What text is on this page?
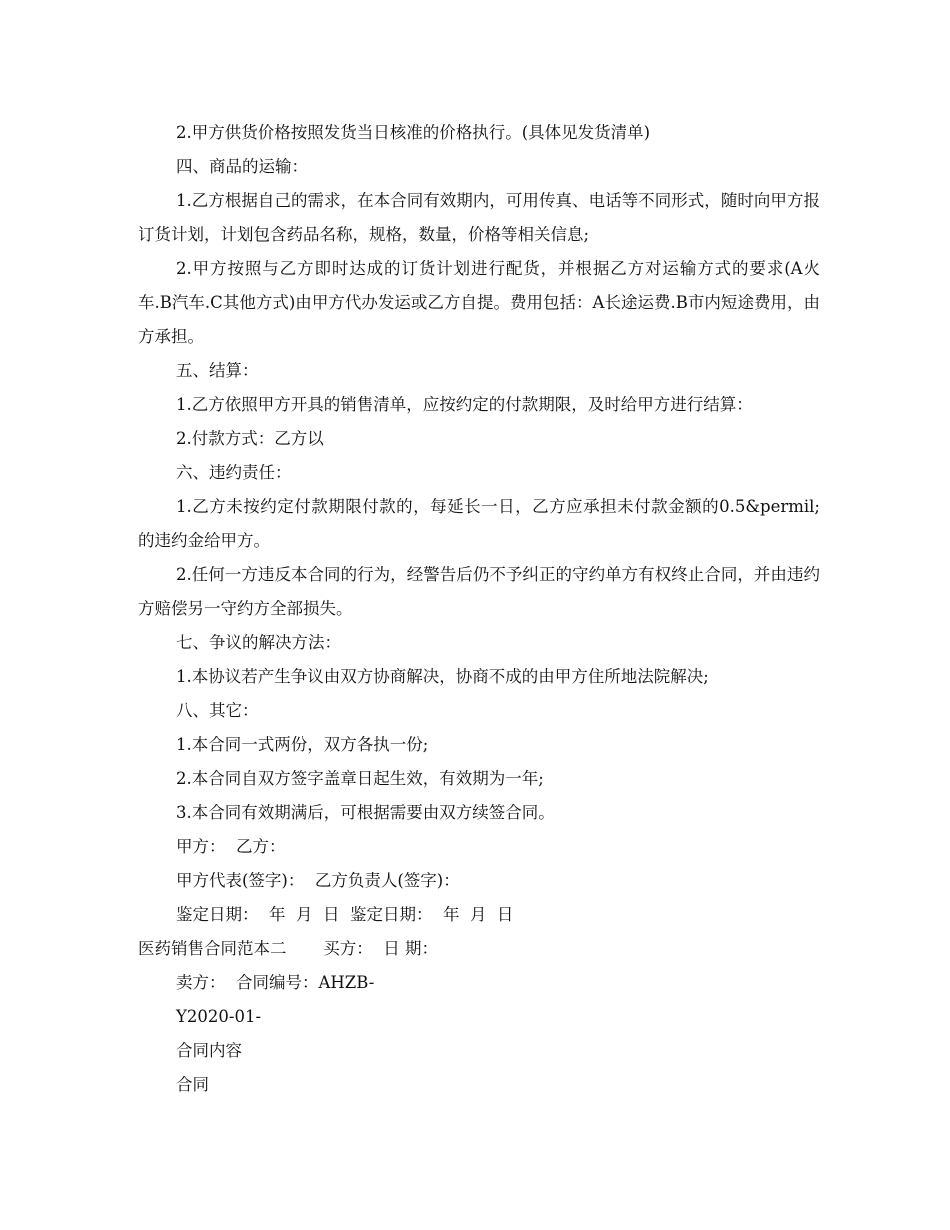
2.甲方供货价格按照发货当日核准的价格执行。(具体见发货清单)
四、商品的运输：
1.乙方根据自己的需求，在本合同有效期内，可用传真、电话等不同形式，随时向甲方报订货计划，计划包含药品名称，规格，数量，价格等相关信息;
2.甲方按照与乙方即时达成的订货计划进行配货，并根据乙方对运输方式的要求(A火车.B汽车.C其他方式)由甲方代办发运或乙方自提。费用包括：A长途运费.B市内短途费用，由 方承担。
五、结算：
1.乙方依照甲方开具的销售清单，应按约定的付款期限，及时给甲方进行结算：
2.付款方式：乙方以
六、违约责任：
1.乙方未按约定付款期限付款的，每延长一日，乙方应承担未付款金额的0.5&permil;的违约金给甲方。
2.任何一方违反本合同的行为，经警告后仍不予纠正的守约单方有权终止合同，并由违约方赔偿另一守约方全部损失。
七、争议的解决方法：
1.本协议若产生争议由双方协商解决，协商不成的由甲方住所地法院解决;
八、其它：
1.本合同一式两份，双方各执一份;
2.本合同自双方签字盖章日起生效，有效期为一年;
3.本合同有效期满后，可根据需要由双方续签合同。
甲方：  乙方：
甲方代表(签字)：  乙方负责人(签字)：
鉴定日期：  年  月  日  鉴定日期：  年  月  日
医药销售合同范本二       买方：  日 期：
卖方：  合同编号：AHZB-
Y2020-01-
合同内容
合同
